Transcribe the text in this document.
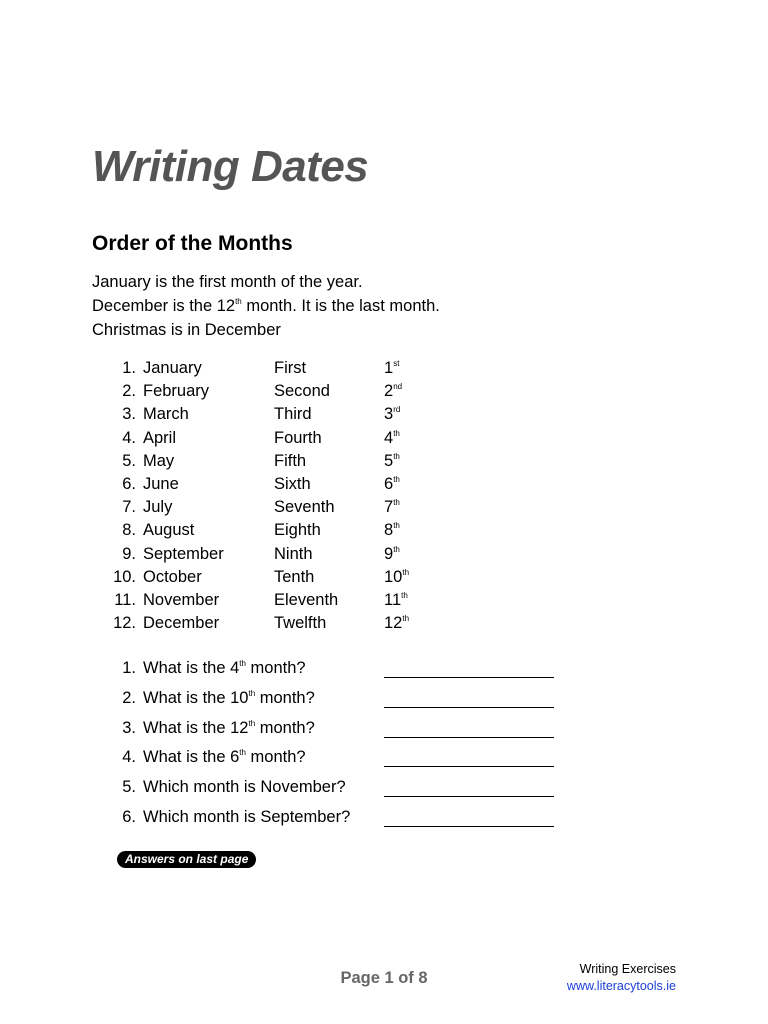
Writing Dates
Order of the Months
January is the first month of the year.
December is the 12th month. It is the last month.
Christmas is in December
1. January	First	1st
2. February	Second	2nd
3. March	Third	3rd
4. April	Fourth	4th
5. May	Fifth	5th
6. June	Sixth	6th
7. July	Seventh	7th
8. August	Eighth	8th
9. September	Ninth	9th
10. October	Tenth	10th
11. November	Eleventh	11th
12. December	Twelfth	12th
1. What is the 4th month?
2. What is the 10th month?
3. What is the 12th month?
4. What is the 6th month?
5. Which month is November?
6. Which month is September?
Answers on last page
Page 1 of 8	Writing Exercises
www.literacytools.ie
